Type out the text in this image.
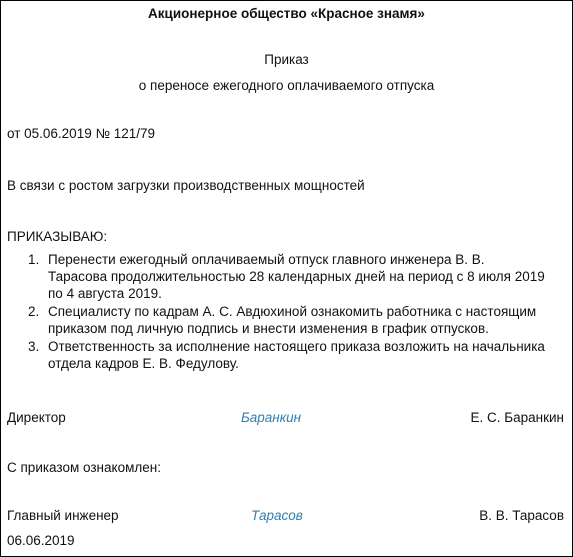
Акционерное общество «Красное знамя»
Приказ
о переносе ежегодного оплачиваемого отпуска
от 05.06.2019 № 121/79
В связи с ростом загрузки производственных мощностей
ПРИКАЗЫВАЮ:
1. Перенести ежегодный оплачиваемый отпуск главного инженера В. В. Тарасова продолжительностью 28 календарных дней на период с 8 июля 2019 по 4 августа 2019.
2. Специалисту по кадрам А. С. Авдюхиной ознакомить работника с настоящим приказом под личную подпись и внести изменения в график отпусков.
3. Ответственность за исполнение настоящего приказа возложить на начальника отдела кадров Е. В. Федулову.
Директор	Баранкин	Е. С. Баранкин
С приказом ознакомлен:
Главный инженер	Тарасов	В. В. Тарасов
06.06.2019
